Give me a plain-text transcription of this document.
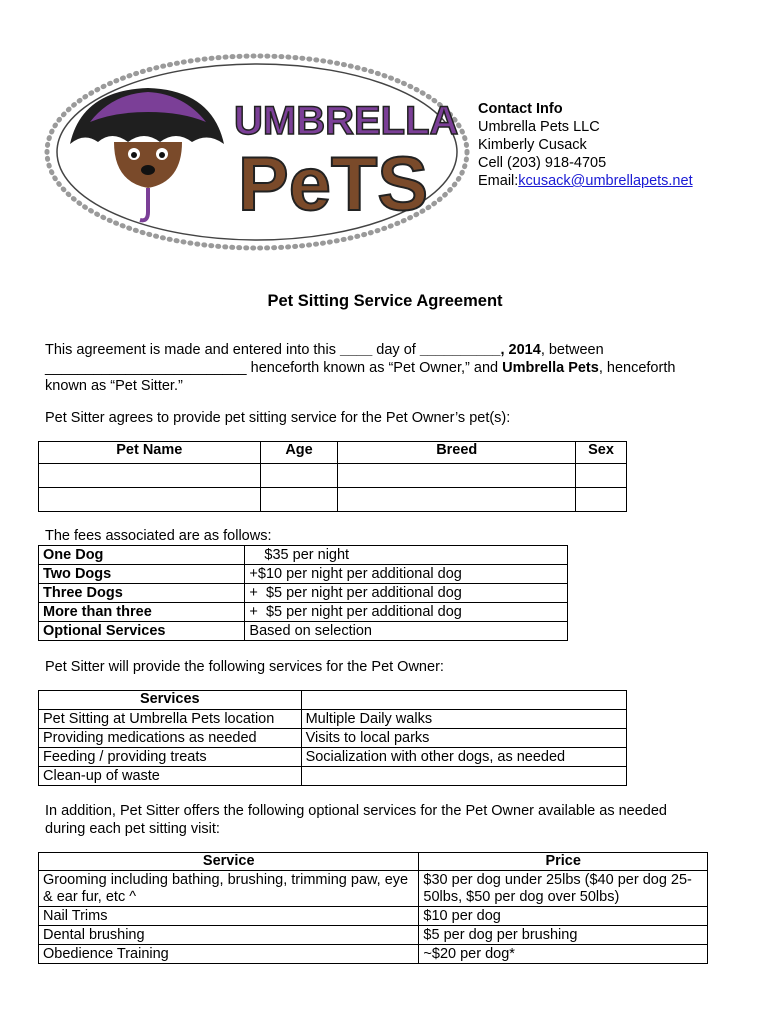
UMBRELLA
PeTS
Contact Info
Umbrella Pets LLC
Kimberly Cusack
Cell (203) 918-4705
Email:kcusack@umbrellapets.net
Pet Sitting Service Agreement
This agreement is made and entered into this ____ day of __________, 2014, between
_________________________ henceforth known as “Pet Owner,” and Umbrella Pets, henceforth
known as “Pet Sitter.”
Pet Sitter agrees to provide pet sitting service for the Pet Owner’s pet(s):
Pet Name	Age	Breed	Sex

The fees associated are as follows:
One Dog	$35 per night
Two Dogs	+$10 per night per additional dog
Three Dogs	+  $5 per night per additional dog
More than three	+  $5 per night per additional dog
Optional Services	Based on selection
Pet Sitter will provide the following services for the Pet Owner:
Services	
Pet Sitting at Umbrella Pets location	Multiple Daily walks
Providing medications as needed	Visits to local parks
Feeding / providing treats	Socialization with other dogs, as needed
Clean-up of waste	
In addition, Pet Sitter offers the following optional services for the Pet Owner available as needed
during each pet sitting visit:
Service	Price
Grooming including bathing, brushing, trimming paw, eye & ear fur, etc ^	$30 per dog under 25lbs ($40 per dog 25-50lbs, $50 per dog over 50lbs)
Nail Trims	$10 per dog
Dental brushing	$5 per dog per brushing
Obedience Training	~$20 per dog*
